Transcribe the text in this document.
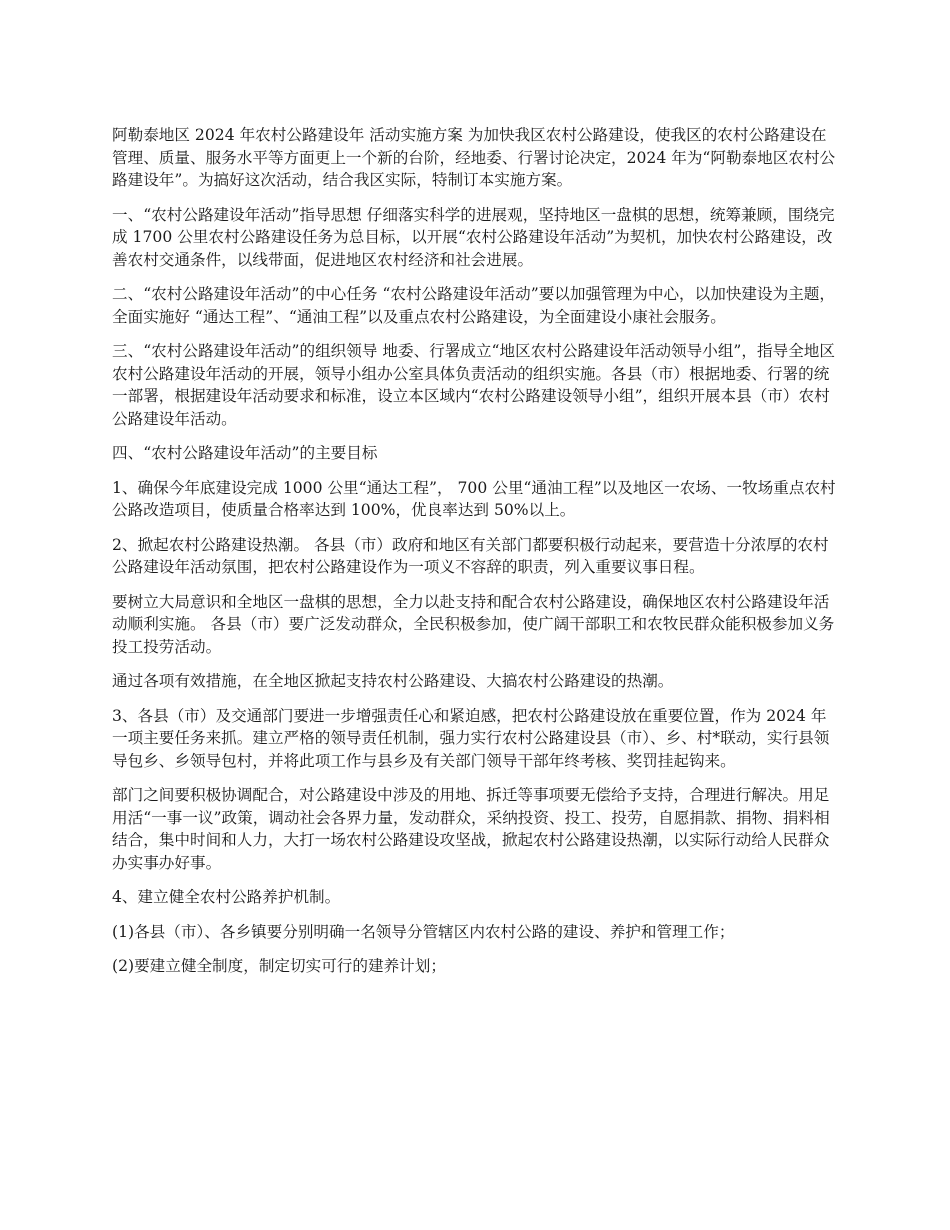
阿勒泰地区 2024 年农村公路建设年 活动实施方案 为加快我区农村公路建设，使我区的农村公路建设在管理、质量、服务水平等方面更上一个新的台阶，经地委、行署讨论决定，2024 年为“阿勒泰地区农村公路建设年”。为搞好这次活动，结合我区实际，特制订本实施方案。

一、“农村公路建设年活动”指导思想 仔细落实科学的进展观，坚持地区一盘棋的思想，统筹兼顾，围绕完成 1700 公里农村公路建设任务为总目标，以开展“农村公路建设年活动”为契机，加快农村公路建设，改善农村交通条件，以线带面，促进地区农村经济和社会进展。

二、“农村公路建设年活动”的中心任务 “农村公路建设年活动”要以加强管理为中心，以加快建设为主题，全面实施好 “通达工程”、“通油工程”以及重点农村公路建设，为全面建设小康社会服务。

三、“农村公路建设年活动”的组织领导 地委、行署成立“地区农村公路建设年活动领导小组”，指导全地区农村公路建设年活动的开展，领导小组办公室具体负责活动的组织实施。各县（市）根据地委、行署的统一部署，根据建设年活动要求和标准，设立本区域内“农村公路建设领导小组”，组织开展本县（市）农村公路建设年活动。

四、“农村公路建设年活动”的主要目标

1、确保今年底建设完成 1000 公里“通达工程”， 700 公里“通油工程”以及地区一农场、一牧场重点农村公路改造项目，使质量合格率达到 100%，优良率达到 50%以上。

2、掀起农村公路建设热潮。 各县（市）政府和地区有关部门都要积极行动起来，要营造十分浓厚的农村公路建设年活动氛围，把农村公路建设作为一项义不容辞的职责，列入重要议事日程。

要树立大局意识和全地区一盘棋的思想，全力以赴支持和配合农村公路建设，确保地区农村公路建设年活动顺利实施。 各县（市）要广泛发动群众，全民积极参加，使广阔干部职工和农牧民群众能积极参加义务投工投劳活动。

通过各项有效措施，在全地区掀起支持农村公路建设、大搞农村公路建设的热潮。

3、各县（市）及交通部门要进一步增强责任心和紧迫感，把农村公路建设放在重要位置，作为 2024 年一项主要任务来抓。建立严格的领导责任机制，强力实行农村公路建设县（市）、乡、村*联动，实行县领导包乡、乡领导包村，并将此项工作与县乡及有关部门领导干部年终考核、奖罚挂起钩来。

部门之间要积极协调配合，对公路建设中涉及的用地、拆迁等事项要无偿给予支持，合理进行解决。用足用活“一事一议”政策，调动社会各界力量，发动群众，采纳投资、投工、投劳，自愿捐款、捐物、捐料相结合，集中时间和人力，大打一场农村公路建设攻坚战，掀起农村公路建设热潮，以实际行动给人民群众办实事办好事。

4、建立健全农村公路养护机制。

(1)各县（市）、各乡镇要分别明确一名领导分管辖区内农村公路的建设、养护和管理工作；

(2)要建立健全制度，制定切实可行的建养计划；
